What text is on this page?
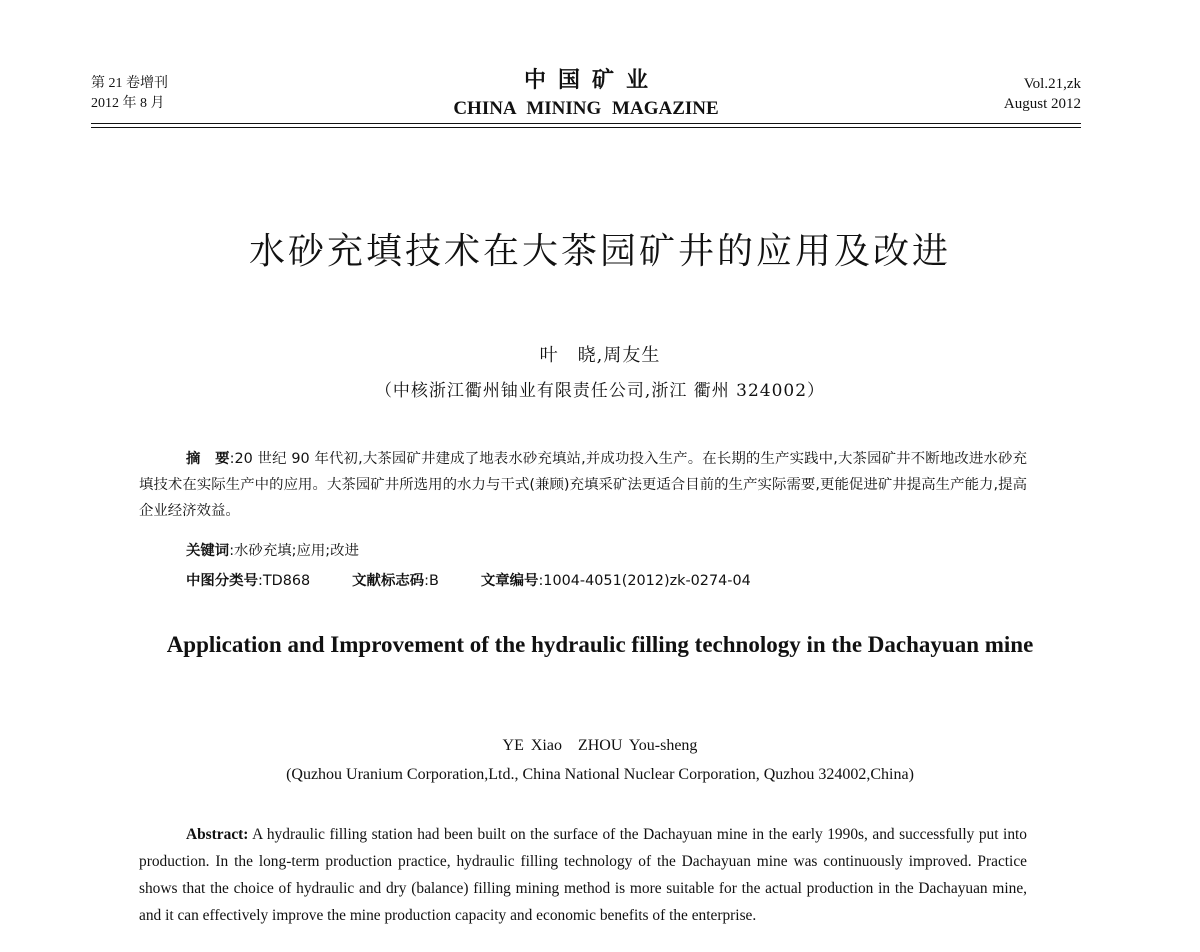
第 21 卷增刊
2012 年 8 月
中国矿业
CHINA MINING MAGAZINE
Vol.21,zk
August 2012
水砂充填技术在大茶园矿井的应用及改进
叶　晓,周友生
（中核浙江衢州铀业有限责任公司,浙江 衢州 324002）
摘　要:20 世纪 90 年代初,大茶园矿井建成了地表水砂充填站,并成功投入生产。在长期的生产实践中,大茶园矿井不断地改进水砂充填技术在实际生产中的应用。大茶园矿井所选用的水力与干式(兼顾)充填采矿法更适合目前的生产实际需要,更能促进矿井提高生产能力,提高企业经济效益。
关键词:水砂充填;应用;改进
中图分类号:TD868	文献标志码:B	文章编号:1004-4051(2012)zk-0274-04
Application and Improvement of the hydraulic filling technology in the Dachayuan mine
YE Xiao　ZHOU You-sheng
(Quzhou Uranium Corporation,Ltd., China National Nuclear Corporation, Quzhou 324002,China)
Abstract: A hydraulic filling station had been built on the surface of the Dachayuan mine in the early 1990s, and successfully put into production. In the long-term production practice, hydraulic filling technology of the Dachayuan mine was continuously improved. Practice shows that the choice of hydraulic and dry (balance) filling mining method is more suitable for the actual production in the Dachayuan mine, and it can effectively improve the mine production capacity and economic benefits of the enterprise.
